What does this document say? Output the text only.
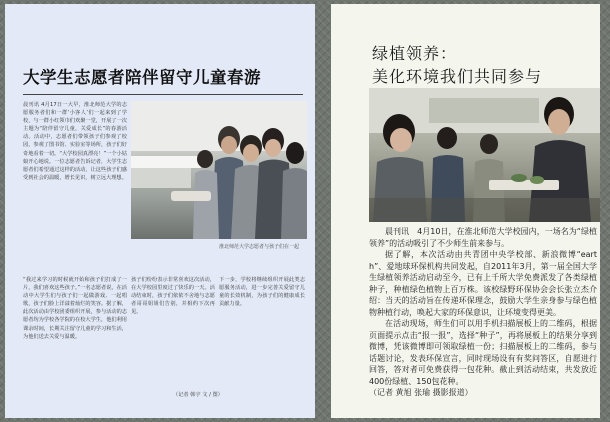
大学生志愿者陪伴留守儿童春游
晨刊讯 4月17日一大早，淮北师范大学的志愿服务者们和一群‘小客人’们一起来到了学校，与一群小红领巾们欢聚一堂，开展了一次主题为“陪伴留守儿童，关爱成长”的春游活动。活动中，志愿者们带领孩子们参观了校园，参观了图书馆、实验室等场所，孩子们好奇地看着一切。“大学校园真漂亮！”一个小姑娘开心地说。一位志愿者告诉记者，大学生志愿者们希望通过这样的活动，让这些孩子们感受到社会的温暖，增长见识，树立远大理想。
淮北师范大学志愿者与孩子们在一起
“我过来学习的时候就开始和孩子们打成了一片，我们喜欢这些孩子。”一名志愿者说，在活动中大学生们与孩子们一起做游戏、一起唱歌，孩子们脸上洋溢着灿烂的笑容。据了解，此次活动由学校团委组织开展，参与活动的志愿者均为学校各学院的在校大学生，他们利用课余时间，长期关注留守儿童的学习和生活，为他们送去关爱与温暖。
孩子们纷纷表示非常喜欢这次活动，在大学校园里度过了快乐的一天。活动结束时，孩子们依依不舍地与志愿者哥哥姐姐们告别，并相约下次再见。
下一步，学校将继续组织开展此类志愿服务活动，进一步完善关爱留守儿童的长效机制，为孩子们的健康成长贡献力量。
（记者 韩宇 文 / 图）
绿植领养：
美化环境我们共同参与

晨刊讯　4月10日，在淮北师范大学校园内，一场名为“绿植领养”的活动吸引了不少师生前来参与。

据了解，本次活动由共青团中央学校部、新浪微博“earth”、爱地球环保机构共同发起，自2011年3月，第一届全国大学生绿植领养活动启动至今，已有上千所大学免费派发了各类绿植种子，种植绿色植物上百万株。该校绿野环保协会会长张立杰介绍：当天的活动旨在传递环保理念，鼓励大学生亲身参与绿色植物种植行动，唤起大家的环保意识，让环境变得更美。

在活动现场，师生们可以用手机扫描展板上的二维码，根据页面提示点击“报一报”，选择“种子”，再将展板上的结果分享到微博，凭该微博即可领取绿植一份；扫描展板上的二维码，参与话题讨论，发表环保宣言，同时现场设有有奖问答区，自愿进行回答，答对者可免费获得一包花种。截止到活动结束，共发放近400份绿植、150包花种。

（记者 黄旭 张瑜 摄影报道）
